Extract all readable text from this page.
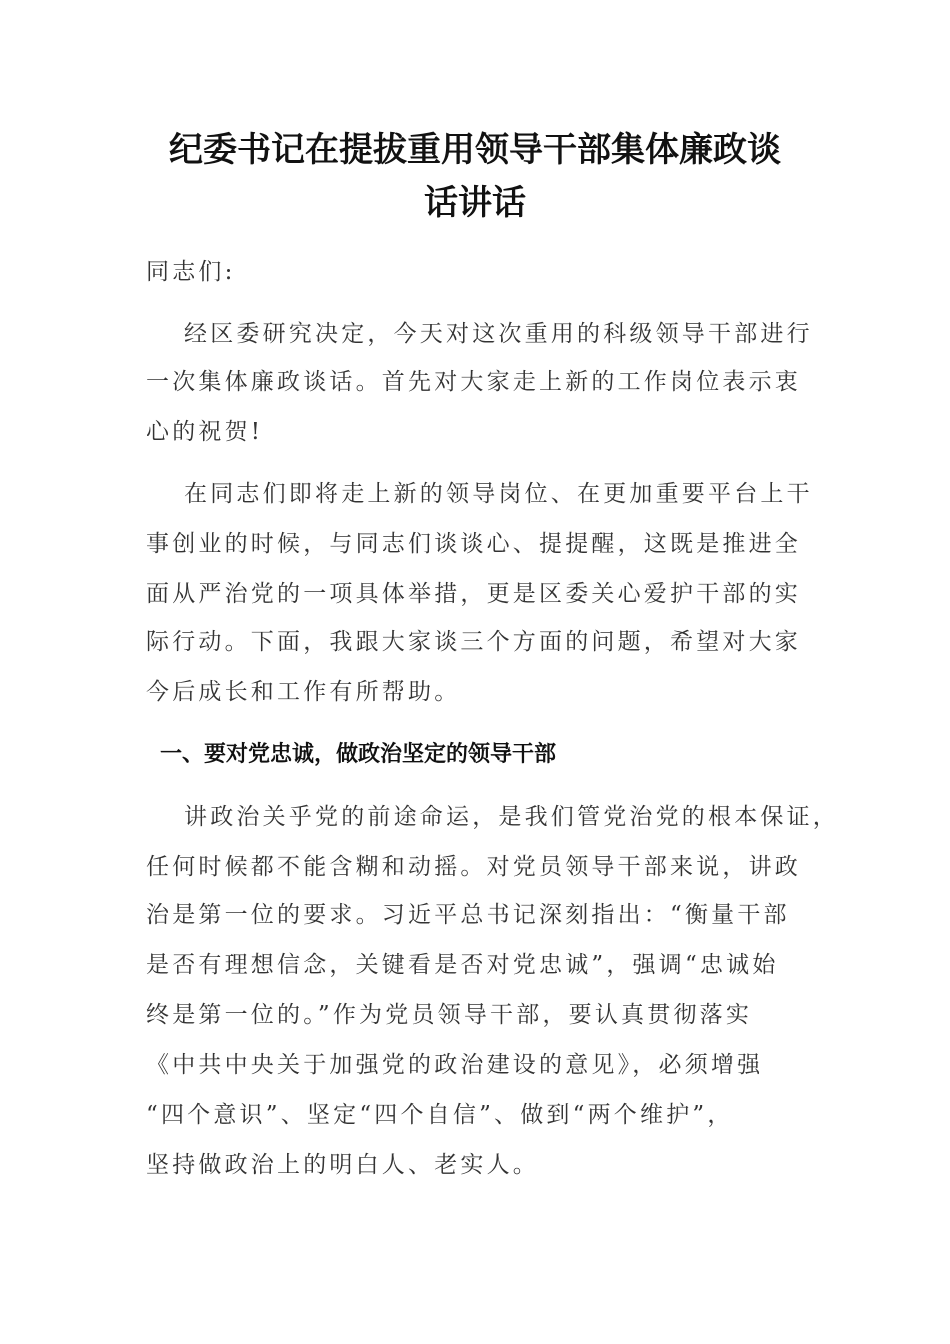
纪委书记在提拔重用领导干部集体廉政谈
话讲话

同志们:

经区委研究决定，今天对这次重用的科级领导干部进行

一次集体廉政谈话。首先对大家走上新的工作岗位表示衷

心的祝贺!

在同志们即将走上新的领导岗位、在更加重要平台上干

事创业的时候，与同志们谈谈心、提提醒，这既是推进全

面从严治党的一项具体举措，更是区委关心爱护干部的实

际行动。下面，我跟大家谈三个方面的问题，希望对大家

今后成长和工作有所帮助。

一、要对党忠诚，做政治坚定的领导干部

讲政治关乎党的前途命运，是我们管党治党的根本保证，

任何时候都不能含糊和动摇。对党员领导干部来说，讲政

治是第一位的要求。习近平总书记深刻指出：“衡量干部

是否有理想信念，关键看是否对党忠诚”，强调“忠诚始

终是第一位的。”作为党员领导干部，要认真贯彻落实

《中共中央关于加强党的政治建设的意见》，必须增强

“四个意识”、坚定“四个自信”、做到“两个维护”，

坚持做政治上的明白人、老实人。
